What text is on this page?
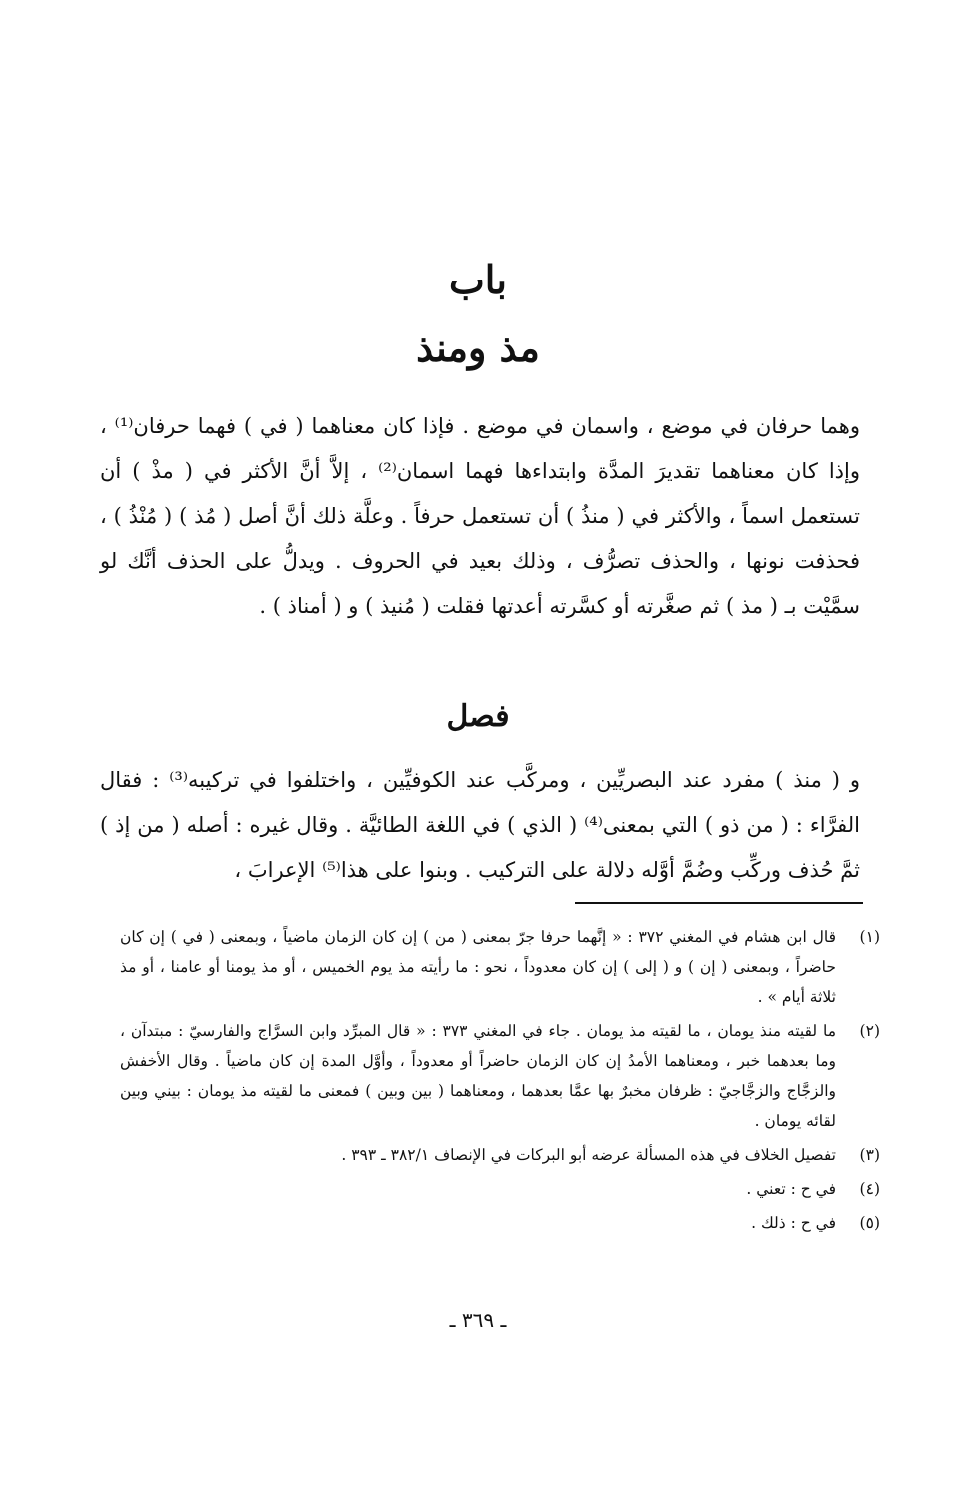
باب
مذ ومنذ
وهما حرفان في موضع ، واسمان في موضع . فإذا كان معناهما ( في ) فهما حرفان⁽¹⁾ ، وإذا كان معناهما تقديرَ المدَّة وابتداءها فهما اسمان⁽²⁾ ، إلاَّ أنَّ الأكثر في ( مذْ ) أن تستعمل اسماً ، والأكثر في ( منذُ ) أن تستعمل حرفاً . وعلَّة ذلك أنَّ أصل ( مُذ ) ( مُنْذُ ) ، فحذفت نونها ، والحذف تصرُّف ، وذلك بعيد في الحروف . ويدلُّ على الحذف أنَّك لو سمَّيْت بـ ( مذ ) ثم صغَّرته أو كسَّرته أعدتها فقلت ( مُنيذ ) و ( أمناذ ) .
فصل
و ( منذ ) مفرد عند البصريِّين ، ومركَّب عند الكوفيِّين ، واختلفوا في تركيبه⁽³⁾ : فقال الفرَّاء : ( من ذو ) التي بمعنى⁽⁴⁾ ( الذي ) في اللغة الطائيَّة . وقال غيره : أصله ( من إذ ) ثمَّ حُذف وركِّب وضُمَّ أوَّله دلالة على التركيب . وبنوا على هذا⁽⁵⁾ الإعرابَ ،
(١)
قال ابن هشام في المغني ٣٧٢ : « إنَّهما حرفا جرّ بمعنى ( من ) إن كان الزمان ماضياً ، وبمعنى ( في ) إن كان حاضراً ، وبمعنى ( إن ) و ( إلى ) إن كان معدوداً ، نحو : ما رأيته مذ يوم الخميس ، أو مذ يومنا أو عامنا ، أو مذ ثلاثة أيام » .
(٢)
ما لقيته منذ يومان ، ما لقيته مذ يومان . جاء في المغني ٣٧٣ : « قال المبرِّد وابن السرَّاج والفارسيّ : مبتدآن ، وما بعدهما خبر ، ومعناهما الأمدُ إن كان الزمان حاضراً أو معدوداً ، وأوَّل المدة إن كان ماضياً . وقال الأخفش والزجَّاج والزجَّاجيّ : ظرفان مخبرٌ بها عمَّا بعدهما ، ومعناهما ( بين وبين ) فمعنى ما لقيته مذ يومان : بيني وبين لقائه يومان .
(٣)
تفصيل الخلاف في هذه المسألة عرضه أبو البركات في الإنصاف ٣٨٢/١ ـ ٣٩٣ .
(٤)
في ح : تعني .
(٥)
في ح : ذلك .
ـ ٣٦٩ ـ
